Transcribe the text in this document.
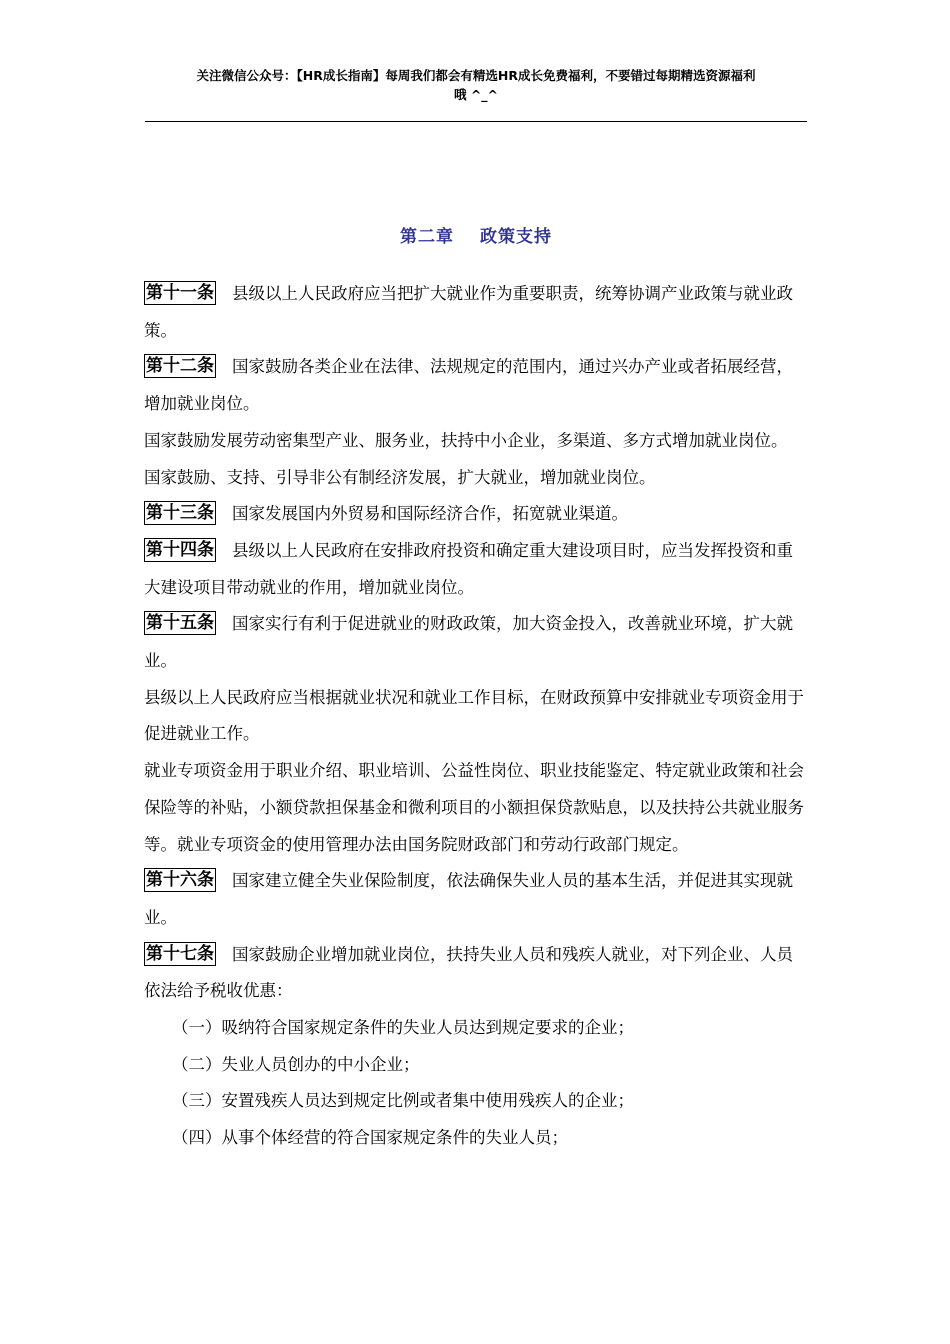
关注微信公众号：【HR成长指南】每周我们都会有精选HR成长免费福利，不要错过每期精选资源福利
哦 ^_^
第二章 政策支持

第十一条 县级以上人民政府应当把扩大就业作为重要职责，统筹协调产业政策与就业政策。

第十二条 国家鼓励各类企业在法律、法规规定的范围内，通过兴办产业或者拓展经营，增加就业岗位。

国家鼓励发展劳动密集型产业、服务业，扶持中小企业，多渠道、多方式增加就业岗位。

国家鼓励、支持、引导非公有制经济发展，扩大就业，增加就业岗位。

第十三条 国家发展国内外贸易和国际经济合作，拓宽就业渠道。

第十四条 县级以上人民政府在安排政府投资和确定重大建设项目时，应当发挥投资和重大建设项目带动就业的作用，增加就业岗位。

第十五条 国家实行有利于促进就业的财政政策，加大资金投入，改善就业环境，扩大就业。

县级以上人民政府应当根据就业状况和就业工作目标，在财政预算中安排就业专项资金用于促进就业工作。

就业专项资金用于职业介绍、职业培训、公益性岗位、职业技能鉴定、特定就业政策和社会保险等的补贴，小额贷款担保基金和微利项目的小额担保贷款贴息，以及扶持公共就业服务等。就业专项资金的使用管理办法由国务院财政部门和劳动行政部门规定。

第十六条 国家建立健全失业保险制度，依法确保失业人员的基本生活，并促进其实现就业。

第十七条 国家鼓励企业增加就业岗位，扶持失业人员和残疾人就业，对下列企业、人员依法给予税收优惠：

（一）吸纳符合国家规定条件的失业人员达到规定要求的企业；

（二）失业人员创办的中小企业；

（三）安置残疾人员达到规定比例或者集中使用残疾人的企业；

（四）从事个体经营的符合国家规定条件的失业人员；
